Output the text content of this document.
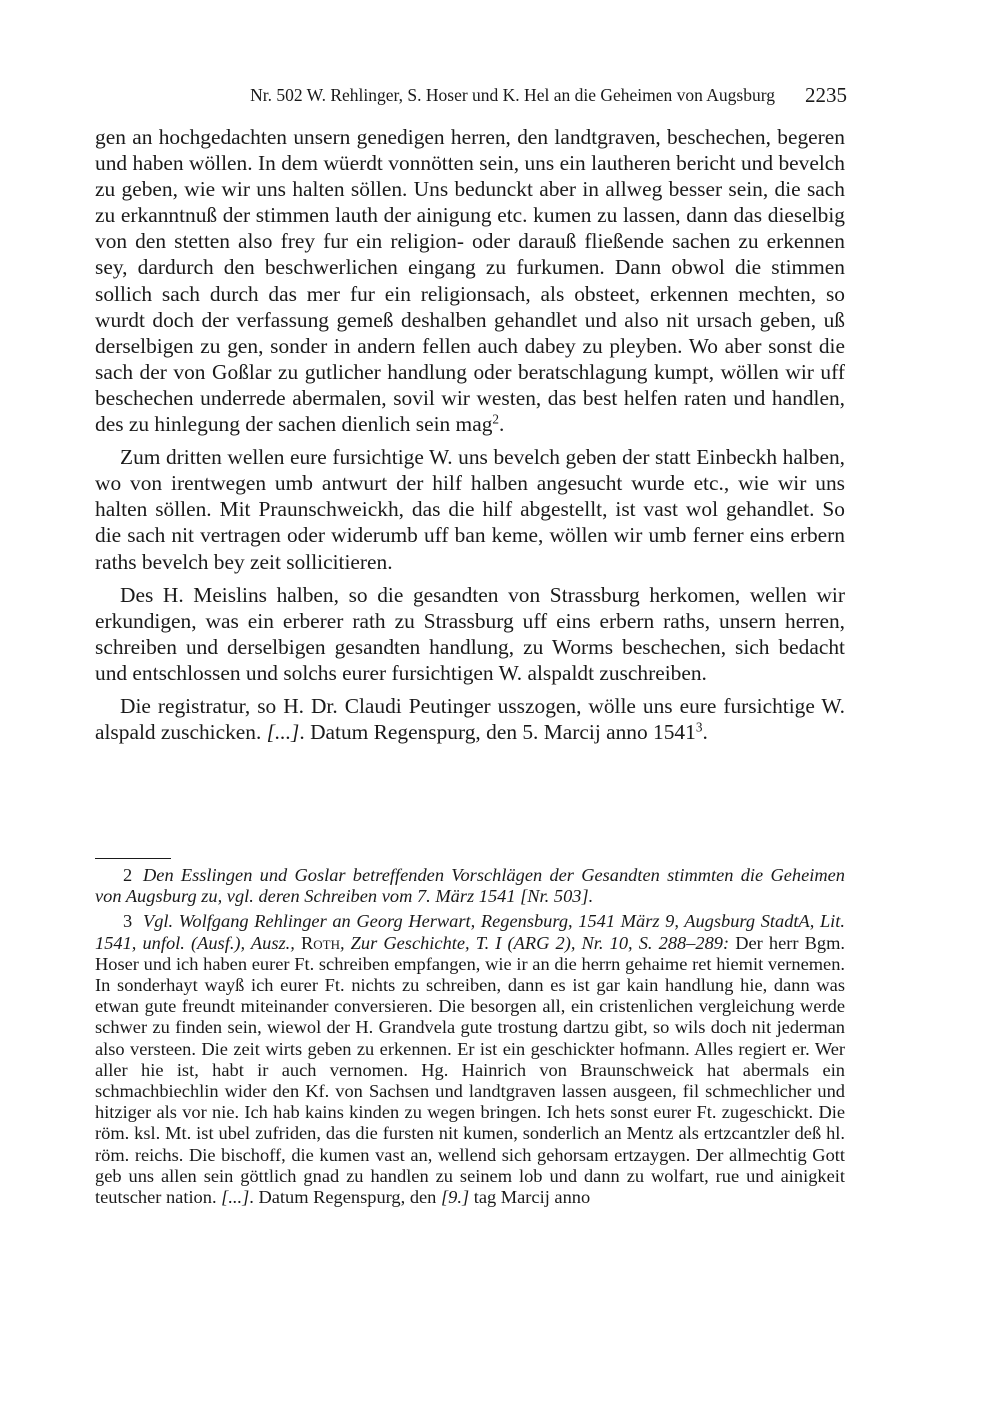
Nr. 502 W. Rehlinger, S. Hoser und K. Hel an die Geheimen von Augsburg 2235

gen an hochgedachten unsern genedigen herren, den landtgraven, beschechen, begeren und haben wöllen. In dem wüerdt vonnötten sein, uns ein lautheren bericht und bevelch zu geben, wie wir uns halten söllen. Uns bedunckt aber in allweg besser sein, die sach zu erkanntnuß der stimmen lauth der ainigung etc. kumen zu lassen, dann das dieselbig von den stetten also frey fur ein religion- oder darauß fließende sachen zu erkennen sey, dardurch den beschwerlichen eingang zu furkumen. Dann obwol die stimmen sollich sach durch das mer fur ein religionsach, als obsteet, erkennen mechten, so wurdt doch der verfassung gemeß deshalben gehandlet und also nit ursach geben, uß derselbigen zu gen, sonder in andern fellen auch dabey zu pleyben. Wo aber sonst die sach der von Goßlar zu gutlicher handlung oder beratschlagung kumpt, wöllen wir uff beschechen underrede abermalen, sovil wir westen, das best helfen raten und handlen, des zu hinlegung der sachen dienlich sein mag$^2$.

Zum dritten wellen eure fursichtige W. uns bevelch geben der statt Einbeckh halben, wo von irentwegen umb antwurt der hilf halben angesucht wurde etc., wie wir uns halten söllen. Mit Praunschweickh, das die hilf abgestellt, ist vast wol gehandlet. So die sach nit vertragen oder widerumb uff ban keme, wöllen wir umb ferner eins erbern raths bevelch bey zeit sollicitieren.

Des H. Meislins halben, so die gesandten von Strassburg herkomen, wellen wir erkundigen, was ein erberer rath zu Strassburg uff eins erbern raths, unsern herren, schreiben und derselbigen gesandten handlung, zu Worms beschechen, sich bedacht und entschlossen und solchs eurer fursichtigen W. alspaldt zuschreiben.

Die registratur, so H. Dr. Claudi Peutinger usszogen, wölle uns eure fursichtige W. alspald zuschicken. [...]. Datum Regenspurg, den 5. Marcij anno 1541$^3$.

2 Den Esslingen und Goslar betreffenden Vorschlägen der Gesandten stimmten die Geheimen von Augsburg zu, vgl. deren Schreiben vom 7. März 1541 [Nr. 503].

3 Vgl. Wolfgang Rehlinger an Georg Herwart, Regensburg, 1541 März 9, Augsburg StadtA, Lit. 1541, unfol. (Ausf.), Ausz., Roth, Zur Geschichte, T. I (ARG 2), Nr. 10, S. 288–289: Der herr Bgm. Hoser und ich haben eurer Ft. schreiben empfangen, wie ir an die herrn gehaime ret hiemit vernemen. In sonderhayt wayß ich eurer Ft. nichts zu schreiben, dann es ist gar kain handlung hie, dann was etwan gute freundt miteinander conversieren. Die besorgen all, ein cristenlichen vergleichung werde schwer zu finden sein, wiewol der H. Grandvela gute trostung dartzu gibt, so wils doch nit jederman also versteen. Die zeit wirts geben zu erkennen. Er ist ein geschickter hofmann. Alles regiert er. Wer aller hie ist, habt ir auch vernomen. Hg. Hainrich von Braunschweick hat abermals ein schmachbiechlin wider den Kf. von Sachsen und landtgraven lassen ausgeen, fil schmechlicher und hitziger als vor nie. Ich hab kains kinden zu wegen bringen. Ich hets sonst eurer Ft. zugeschickt. Die röm. ksl. Mt. ist ubel zufriden, das die fursten nit kumen, sonderlich an Mentz als ertzcantzler deß hl. röm. reichs. Die bischoff, die kumen vast an, wellend sich gehorsam ertzaygen. Der allmechtig Gott geb uns allen sein göttlich gnad zu handlen zu seinem lob und dann zu wolfart, rue und ainigkeit teutscher nation. [...]. Datum Regenspurg, den [9.] tag Marcij anno
